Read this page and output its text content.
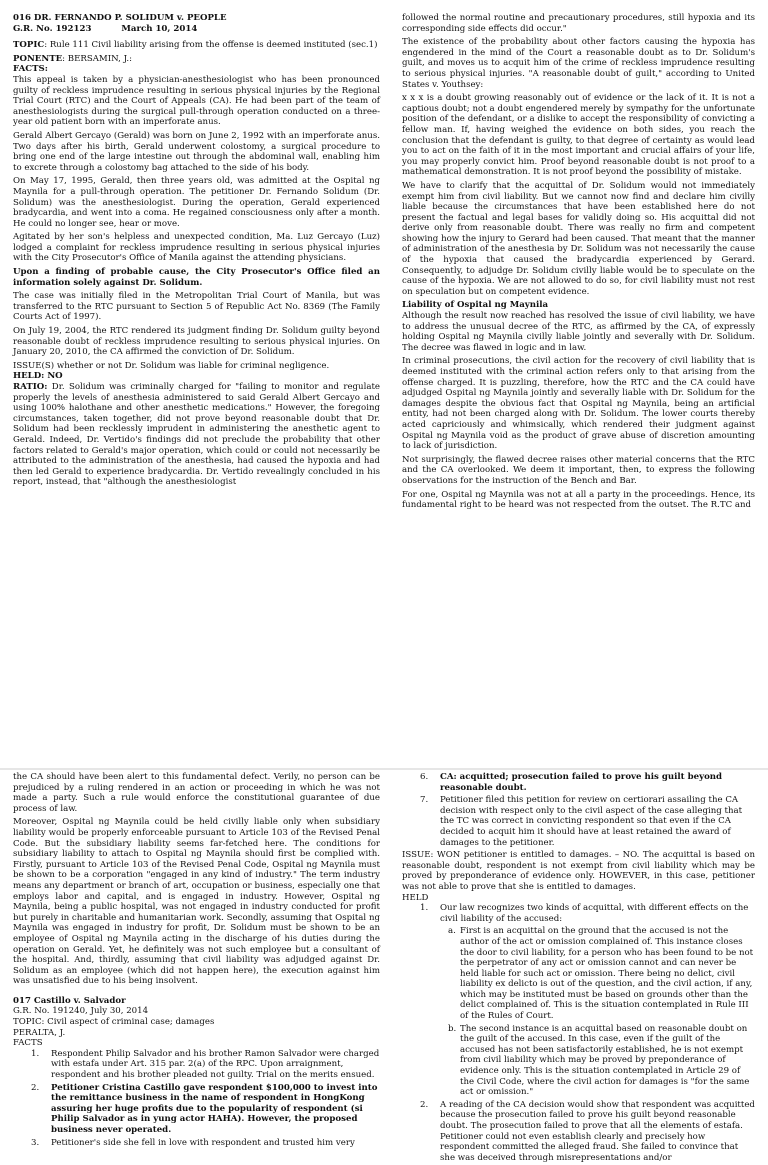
016 DR. FERNANDO P. SOLIDUM v. PEOPLE

G.R. No. 192123          March 10, 2014

TOPIC: Rule 111 Civil liability arising from the offense is deemed instituted (sec.1)

PONENTE: BERSAMIN, J.:

FACTS:

This appeal is taken by a physician-anesthesiologist who has been pronounced guilty of reckless imprudence resulting in serious physical injuries by the Regional Trial Court (RTC) and the Court of Appeals (CA). He had been part of the team of anesthesiologists during the surgical pull-through operation conducted on a three-year old patient born with an imperforate anus.

Gerald Albert Gercayo (Gerald) was born on June 2, 1992 with an imperforate anus. Two days after his birth, Gerald underwent colostomy, a surgical procedure to bring one end of the large intestine out through the abdominal wall, enabling him to excrete through a colostomy bag attached to the side of his body.

On May 17, 1995, Gerald, then three years old, was admitted at the Ospital ng Maynila for a pull-through operation. The petitioner Dr. Fernando Solidum (Dr. Solidum) was the anesthesiologist. During the operation, Gerald experienced bradycardia, and went into a coma. He regained consciousness only after a month. He could no longer see, hear or move.

Agitated by her son's helpless and unexpected condition, Ma. Luz Gercayo (Luz) lodged a complaint for reckless imprudence resulting in serious physical injuries with the City Prosecutor's Office of Manila against the attending physicians.

Upon a finding of probable cause, the City Prosecutor's Office filed an information solely against Dr. Solidum.

The case was initially filed in the Metropolitan Trial Court of Manila, but was transferred to the RTC pursuant to Section 5 of Republic Act No. 8369 (The Family Courts Act of 1997).

On July 19, 2004, the RTC rendered its judgment finding Dr. Solidum guilty beyond reasonable doubt of reckless imprudence resulting to serious physical injuries. On January 20, 2010, the CA affirmed the conviction of Dr. Solidum.

ISSUE(S) whether or not Dr. Solidum was liable for criminal negligence.

HELD: NO

RATIO: Dr. Solidum was criminally charged for "failing to monitor and regulate properly the levels of anesthesia administered to said Gerald Albert Gercayo and using 100% halothane and other anesthetic medications." However, the foregoing circumstances, taken together, did not prove beyond reasonable doubt that Dr. Solidum had been recklessly imprudent in administering the anesthetic agent to Gerald. Indeed, Dr. Vertido's findings did not preclude the probability that other factors related to Gerald's major operation, which could or could not necessarily be attributed to the administration of the anesthesia, had caused the hypoxia and had then led Gerald to experience bradycardia. Dr. Vertido revealingly concluded in his report, instead, that "although the anesthesiologist

followed the normal routine and precautionary procedures, still hypoxia and its corresponding side effects did occur."

The existence of the probability about other factors causing the hypoxia has engendered in the mind of the Court a reasonable doubt as to Dr. Solidum's guilt, and moves us to acquit him of the crime of reckless imprudence resulting to serious physical injuries. "A reasonable doubt of guilt," according to United States v. Youthsey:

x x x is a doubt growing reasonably out of evidence or the lack of it. It is not a captious doubt; not a doubt engendered merely by sympathy for the unfortunate position of the defendant, or a dislike to accept the responsibility of convicting a fellow man. If, having weighed the evidence on both sides, you reach the conclusion that the defendant is guilty, to that degree of certainty as would lead you to act on the faith of it in the most important and crucial affairs of your life, you may properly convict him. Proof beyond reasonable doubt is not proof to a mathematical demonstration. It is not proof beyond the possibility of mistake.

We have to clarify that the acquittal of Dr. Solidum would not immediately exempt him from civil liability. But we cannot now find and declare him civilly liable because the circumstances that have been established here do not present the factual and legal bases for validly doing so. His acquittal did not derive only from reasonable doubt. There was really no firm and competent showing how the injury to Gerard had been caused. That meant that the manner of administration of the anesthesia by Dr. Solidum was not necessarily the cause of the hypoxia that caused the bradycardia experienced by Gerard. Consequently, to adjudge Dr. Solidum civilly liable would be to speculate on the cause of the hypoxia. We are not allowed to do so, for civil liability must not rest on speculation but on competent evidence.

Liability of Ospital ng Maynila

Although the result now reached has resolved the issue of civil liability, we have to address the unusual decree of the RTC, as affirmed by the CA, of expressly holding Ospital ng Maynila civilly liable jointly and severally with Dr. Solidum. The decree was flawed in logic and in law.

In criminal prosecutions, the civil action for the recovery of civil liability that is deemed instituted with the criminal action refers only to that arising from the offense charged. It is puzzling, therefore, how the RTC and the CA could have adjudged Ospital ng Maynila jointly and severally liable with Dr. Solidum for the damages despite the obvious fact that Ospital ng Maynila, being an artificial entity, had not been charged along with Dr. Solidum. The lower courts thereby acted capriciously and whimsically, which rendered their judgment against Ospital ng Maynila void as the product of grave abuse of discretion amounting to lack of jurisdiction.

Not surprisingly, the flawed decree raises other material concerns that the RTC and the CA overlooked. We deem it important, then, to express the following observations for the instruction of the Bench and Bar.

For one, Ospital ng Maynila was not at all a party in the proceedings. Hence, its fundamental right to be heard was not respected from the outset. The R.TC and

the CA should have been alert to this fundamental defect. Verily, no person can be prejudiced by a ruling rendered in an action or proceeding in which he was not made a party. Such a rule would enforce the constitutional guarantee of due process of law.

Moreover, Ospital ng Maynila could be held civilly liable only when subsidiary liability would be properly enforceable pursuant to Article 103 of the Revised Penal Code. But the subsidiary liability seems far-fetched here. The conditions for subsidiary liability to attach to Ospital ng Maynila should first be complied with. Firstly, pursuant to Article 103 of the Revised Penal Code, Ospital ng Maynila must be shown to be a corporation "engaged in any kind of industry." The term industry means any department or branch of art, occupation or business, especially one that employs labor and capital, and is engaged in industry. However, Ospital ng Maynila, being a public hospital, was not engaged in industry conducted for profit but purely in charitable and humanitarian work. Secondly, assuming that Ospital ng Maynila was engaged in industry for profit, Dr. Solidum must be shown to be an employee of Ospital ng Maynila acting in the discharge of his duties during the operation on Gerald. Yet, he definitely was not such employee but a consultant of the hospital. And, thirdly, assuming that civil liability was adjudged against Dr. Solidum as an employee (which did not happen here), the execution against him was unsatisfied due to his being insolvent.

017 Castillo v. Salvador

G.R. No. 191240, July 30, 2014

TOPIC: Civil aspect of criminal case; damages

PERALTA, J.

FACTS

1.	Respondent Philip Salvador and his brother Ramon Salvador were charged with estafa under Art. 315 par. 2(a) of the RPC. Upon arraignment, respondent and his brother pleaded not guilty. Trial on the merits ensued.
2.	Petitioner Cristina Castillo gave respondent $100,000 to invest into the remittance business in the name of respondent in HongKong assuring her huge profits due to the popularity of respondent (si Philip Salvador as in yung actor HAHA). However, the proposed business never operated.
3.	Petitioner's side she fell in love with respondent and trusted him very
6.	CA: acquitted; prosecution failed to prove his guilt beyond reasonable doubt.
7.	Petitioner filed this petition for review on certiorari assailing the CA decision with respect only to the civil aspect of the case alleging that the TC was correct in convicting respondent so that even if the CA decided to acquit him it should have at least retained the award of damages to the petitioner.

ISSUE: WON petitioner is entitled to damages. – NO. The acquittal is based on reasonable doubt, respondent is not exempt from civil liability which may be proved by preponderance of evidence only. HOWEVER, in this case, petitioner was not able to prove that she is entitled to damages.

HELD

1.	Our law recognizes two kinds of acquittal, with different effects on the civil liability of the accused:
a. First is an acquittal on the ground that the accused is not the author of the act or omission complained of. This instance closes the door to civil liability, for a person who has been found to be not the perpetrator of any act or omission cannot and can never be held liable for such act or omission. There being no delict, civil liability ex delicto is out of the question, and the civil action, if any, which may be instituted must be based on grounds other than the delict complained of. This is the situation contemplated in Rule III of the Rules of Court.
b. The second instance is an acquittal based on reasonable doubt on the guilt of the accused. In this case, even if the guilt of the accused has not been satisfactorily established, he is not exempt from civil liability which may be proved by preponderance of evidence only. This is the situation contemplated in Article 29 of the Civil Code, where the civil action for damages is "for the same act or omission."
2.	A reading of the CA decision would show that respondent was acquitted because the prosecution failed to prove his guilt beyond reasonable doubt. The prosecution failed to prove that all the elements of estafa. Petitioner could not even establish clearly and precisely how respondent committed the alleged fraud. She failed to convince that she was deceived through misrepresentations and/or
